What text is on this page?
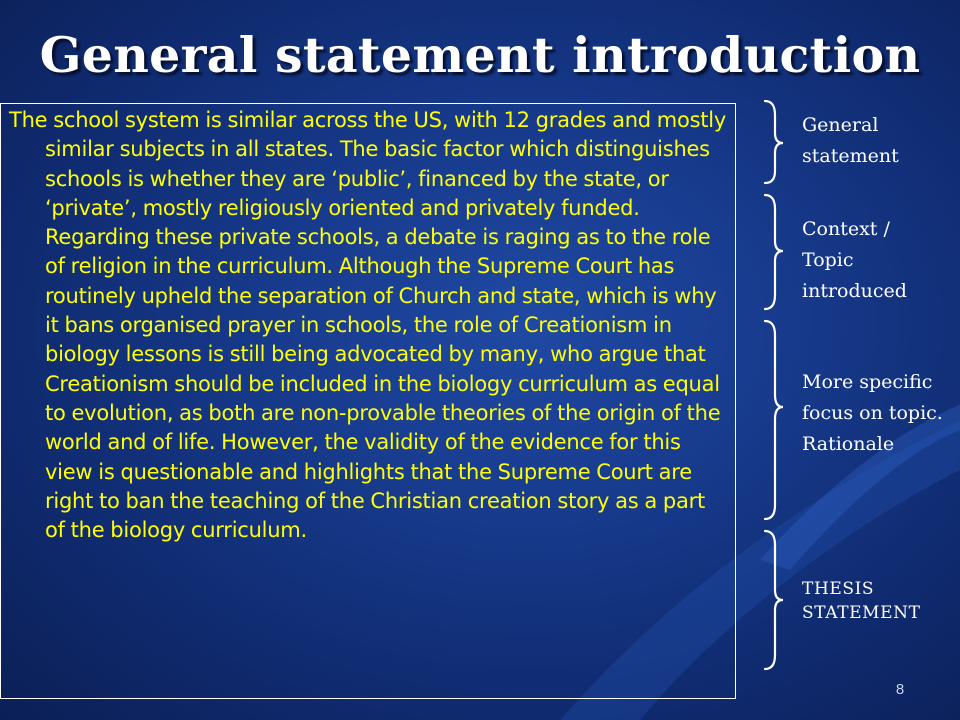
General statement introduction

The school system is similar across the US, with 12 grades and mostly similar subjects in all states. The basic factor which distinguishes schools is whether they are ‘public’, financed by the state, or ‘private’, mostly religiously oriented and privately funded. Regarding these private schools, a debate is raging as to the role of religion in the curriculum. Although the Supreme Court has routinely upheld the separation of Church and state, which is why it bans organised prayer in schools, the role of Creationism in biology lessons is still being advocated by many, who argue that Creationism should be included in the biology curriculum as equal to evolution, as both are non-provable theories of the origin of the world and of life. However, the validity of the evidence for this view is questionable and highlights that the Supreme Court are right to ban the teaching of the Christian creation story as a part of the biology curriculum.

General statement
Context / Topic introduced
More specific focus on topic. Rationale
THESIS STATEMENT
8
